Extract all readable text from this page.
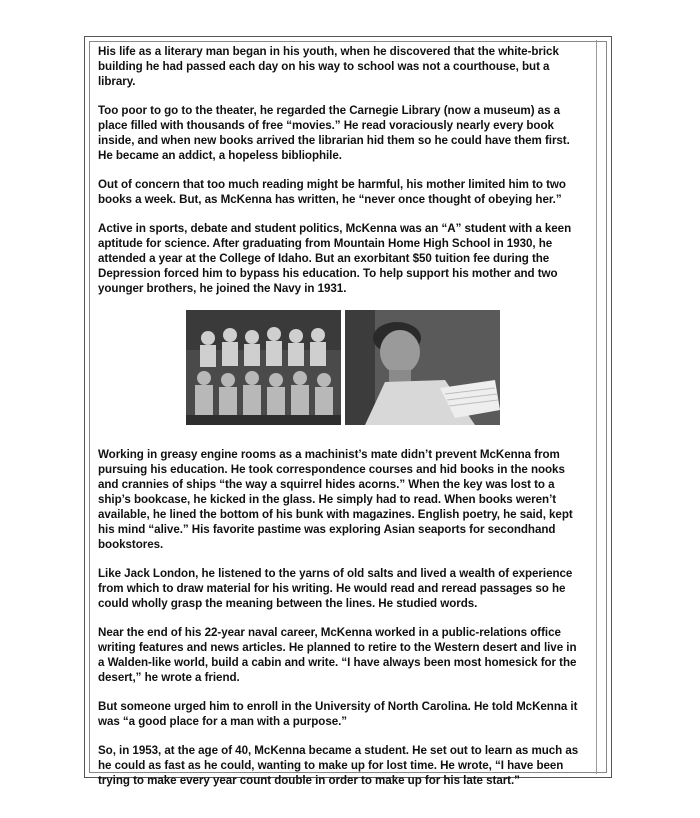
His life as a literary man began in his youth, when he discovered that the white-brick building he had passed each day on his way to school was not a courthouse, but a library.

Too poor to go to the theater, he regarded the Carnegie Library (now a museum) as a place filled with thousands of free “movies.” He read voraciously nearly every book inside, and when new books arrived the librarian hid them so he could have them first. He became an addict, a hopeless bibliophile.

Out of concern that too much reading might be harmful, his mother limited him to two books a week. But, as McKenna has written, he “never once thought of obeying her.”

Active in sports, debate and student politics, McKenna was an “A” student with a keen aptitude for science. After graduating from Mountain Home High School in 1930, he attended a year at the College of Idaho. But an exorbitant $50 tuition fee during the Depression forced him to bypass his education. To help support his mother and two younger brothers, he joined the Navy in 1931.

Working in greasy engine rooms as a machinist’s mate didn’t prevent McKenna from pursuing his education. He took correspondence courses and hid books in the nooks and crannies of ships “the way a squirrel hides acorns.” When the key was lost to a ship’s bookcase, he kicked in the glass. He simply had to read. When books weren’t available, he lined the bottom of his bunk with magazines. English poetry, he said, kept his mind “alive.” His favorite pastime was exploring Asian seaports for secondhand bookstores.

Like Jack London, he listened to the yarns of old salts and lived a wealth of experience from which to draw material for his writing. He would read and reread passages so he could wholly grasp the meaning between the lines. He studied words.

Near the end of his 22-year naval career, McKenna worked in a public-relations office writing features and news articles. He planned to retire to the Western desert and live in a Walden-like world, build a cabin and write. “I have always been most homesick for the desert,” he wrote a friend.

But someone urged him to enroll in the University of North Carolina. He told McKenna it was “a good place for a man with a purpose.”

So, in 1953, at the age of 40, McKenna became a student. He set out to learn as much as he could as fast as he could, wanting to make up for lost time. He wrote, “I have been trying to make every year count double in order to make up for his late start.”
